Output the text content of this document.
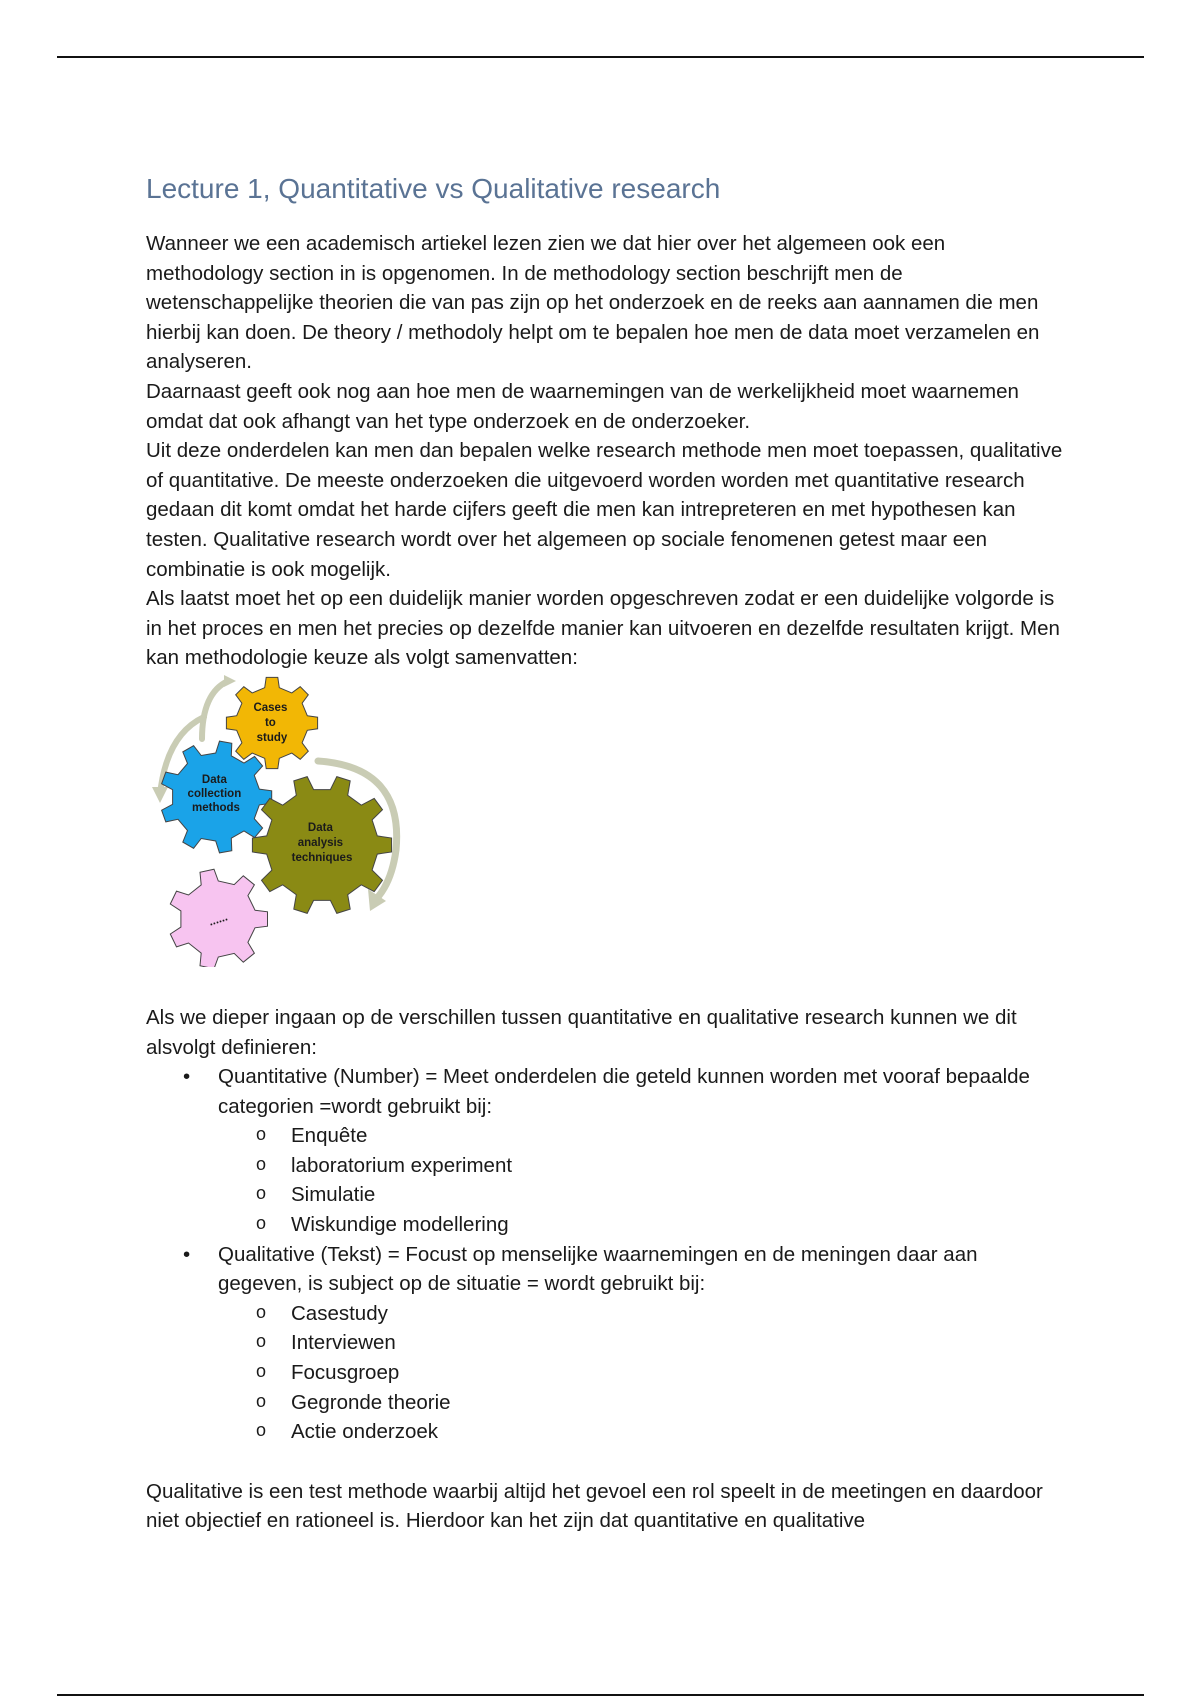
Lecture 1, Quantitative vs Qualitative research

Wanneer we een academisch artiekel lezen zien we dat hier over het algemeen ook een methodology section in is opgenomen. In de methodology section beschrijft men de wetenschappelijke theorien die van pas zijn op het onderzoek en de reeks aan aannamen die men hierbij kan doen. De theory / methodoly helpt om te bepalen hoe men de data moet verzamelen en analyseren.

Daarnaast geeft ook nog aan hoe men de waarnemingen van de werkelijkheid moet waarnemen omdat dat ook afhangt van het type onderzoek en de onderzoeker.

Uit deze onderdelen kan men dan bepalen welke research methode men moet toepassen, qualitative of quantitative. De meeste onderzoeken die uitgevoerd worden worden met quantitative research gedaan dit komt omdat het harde cijfers geeft die men kan intrepreteren en met hypothesen kan testen. Qualitative research wordt over het algemeen op sociale fenomenen getest maar een combinatie is ook mogelijk.

Als laatst moet het op een duidelijk manier worden opgeschreven zodat er een duidelijke volgorde is in het proces en men het precies op dezelfde manier kan uitvoeren en dezelfde resultaten krijgt. Men kan methodologie keuze als volgt samenvatten:

Cases to study
Data collection methods
Data analysis techniques
......

Als we dieper ingaan op de verschillen tussen quantitative en qualitative research kunnen we dit alsvolgt definieren:

• Quantitative (Number) = Meet onderdelen die geteld kunnen worden met vooraf bepaalde categorien =wordt gebruikt bij:
o Enquête
o laboratorium experiment
o Simulatie
o Wiskundige modellering
• Qualitative (Tekst) = Focust op menselijke waarnemingen en de meningen daar aan gegeven, is subject op de situatie = wordt gebruikt bij:
o Casestudy
o Interviewen
o Focusgroep
o Gegronde theorie
o Actie onderzoek

Qualitative is een test methode waarbij altijd het gevoel een rol speelt in de meetingen en daardoor niet objectief en rationeel is. Hierdoor kan het zijn dat quantitative en qualitative
